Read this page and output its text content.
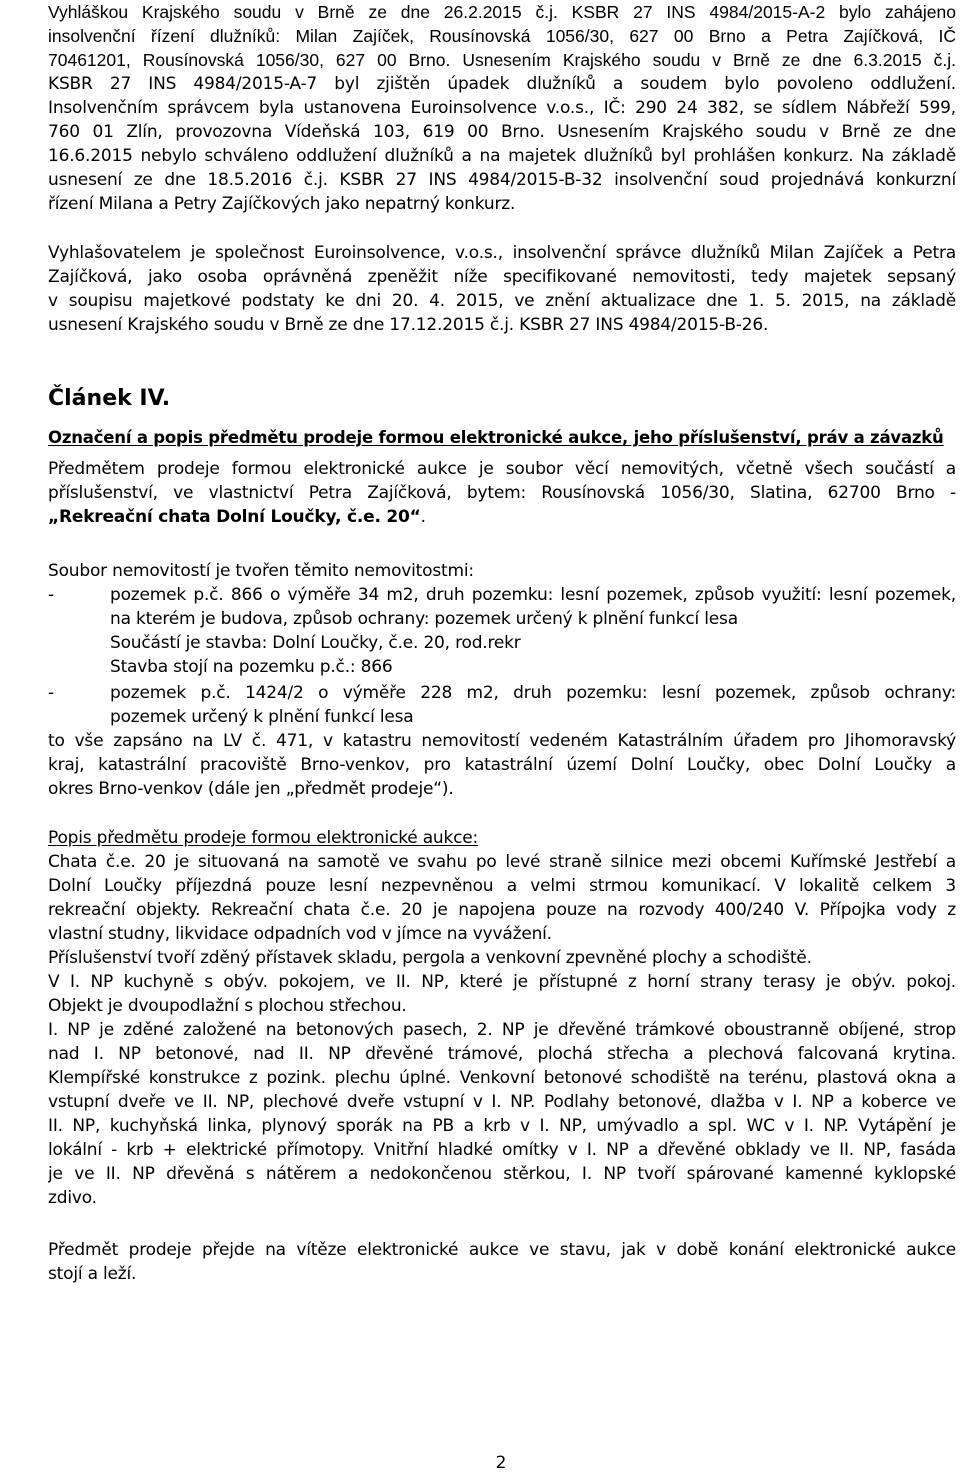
Vyhláškou Krajského soudu v Brně ze dne 26.2.2015 č.j. KSBR 27 INS 4984/2015-A-2 bylo zahájeno
insolvenční řízení dlužníků: Milan Zajíček, Rousínovská 1056/30, 627 00 Brno a Petra Zajíčková, IČ
70461201, Rousínovská 1056/30, 627 00 Brno. Usnesením Krajského soudu v Brně ze dne 6.3.2015 č.j.
KSBR 27 INS 4984/2015-A-7 byl zjištěn úpadek dlužníků a soudem bylo povoleno oddlužení.
Insolvenčním správcem byla ustanovena Euroinsolvence v.o.s., IČ: 290 24 382, se sídlem Nábřeží 599,
760 01 Zlín, provozovna Vídeňská 103, 619 00 Brno. Usnesením Krajského soudu v Brně ze dne
16.6.2015 nebylo schváleno oddlužení dlužníků a na majetek dlužníků byl prohlášen konkurz. Na základě
usnesení ze dne 18.5.2016 č.j. KSBR 27 INS 4984/2015-B-32 insolvenční soud projednává konkurzní
řízení Milana a Petry Zajíčkových jako nepatrný konkurz.
Vyhlašovatelem je společnost Euroinsolvence, v.o.s., insolvenční správce dlužníků Milan Zajíček a Petra
Zajíčková, jako osoba oprávněná zpeněžit níže specifikované nemovitosti, tedy majetek sepsaný
v soupisu majetkové podstaty ke dni 20. 4. 2015, ve znění aktualizace dne 1. 5. 2015, na základě
usnesení Krajského soudu v Brně ze dne 17.12.2015 č.j. KSBR 27 INS 4984/2015-B-26.
Článek IV.
Označení a popis předmětu prodeje formou elektronické aukce, jeho příslušenství, práv a závazků
Předmětem prodeje formou elektronické aukce je soubor věcí nemovitých, včetně všech součástí a
příslušenství, ve vlastnictví Petra Zajíčková, bytem: Rousínovská 1056/30, Slatina, 62700 Brno -
„Rekreační chata Dolní Loučky, č.e. 20“.
Soubor nemovitostí je tvořen těmito nemovitostmi:
-	pozemek p.č. 866 o výměře 34 m2, druh pozemku: lesní pozemek, způsob využití: lesní pozemek,
na kterém je budova, způsob ochrany: pozemek určený k plnění funkcí lesa
Součástí je stavba: Dolní Loučky, č.e. 20, rod.rekr
Stavba stojí na pozemku p.č.: 866
-	pozemek p.č. 1424/2 o výměře 228 m2, druh pozemku: lesní pozemek, způsob ochrany:
pozemek určený k plnění funkcí lesa
to vše zapsáno na LV č. 471, v katastru nemovitostí vedeném Katastrálním úřadem pro Jihomoravský
kraj, katastrální pracoviště Brno-venkov, pro katastrální území Dolní Loučky, obec Dolní Loučky a
okres Brno-venkov (dále jen „předmět prodeje“).
Popis předmětu prodeje formou elektronické aukce:
Chata č.e. 20 je situovaná na samotě ve svahu po levé straně silnice mezi obcemi Kuřímské Jestřebí a
Dolní Loučky příjezdná pouze lesní nezpevněnou a velmi strmou komunikací. V lokalitě celkem 3
rekreační objekty. Rekreační chata č.e. 20 je napojena pouze na rozvody 400/240 V. Přípojka vody z
vlastní studny, likvidace odpadních vod v jímce na vyvážení.
Příslušenství tvoří zděný přístavek skladu, pergola a venkovní zpevněné plochy a schodiště.
V I. NP kuchyně s obýv. pokojem, ve II. NP, které je přístupné z horní strany terasy je obýv. pokoj.
Objekt je dvoupodlažní s plochou střechou.
I. NP je zděné založené na betonových pasech, 2. NP je dřevěné trámkové oboustranně obíjené, strop
nad I. NP betonové, nad II. NP dřevěné trámové, plochá střecha a plechová falcovaná krytina.
Klempířské konstrukce z pozink. plechu úplné. Venkovní betonové schodiště na terénu, plastová okna a
vstupní dveře ve II. NP, plechové dveře vstupní v I. NP. Podlahy betonové, dlažba v I. NP a koberce ve
II. NP, kuchyňská linka, plynový sporák na PB a krb v I. NP, umývadlo a spl. WC v I. NP. Vytápění je
lokální - krb + elektrické přímotopy. Vnitřní hladké omítky v I. NP a dřevěné obklady ve II. NP, fasáda
je ve II. NP dřevěná s nátěrem a nedokončenou stěrkou, I. NP tvoří spárované kamenné kyklopské
zdivo.
Předmět prodeje přejde na vítěze elektronické aukce ve stavu, jak v době konání elektronické aukce
stojí a leží.
2
